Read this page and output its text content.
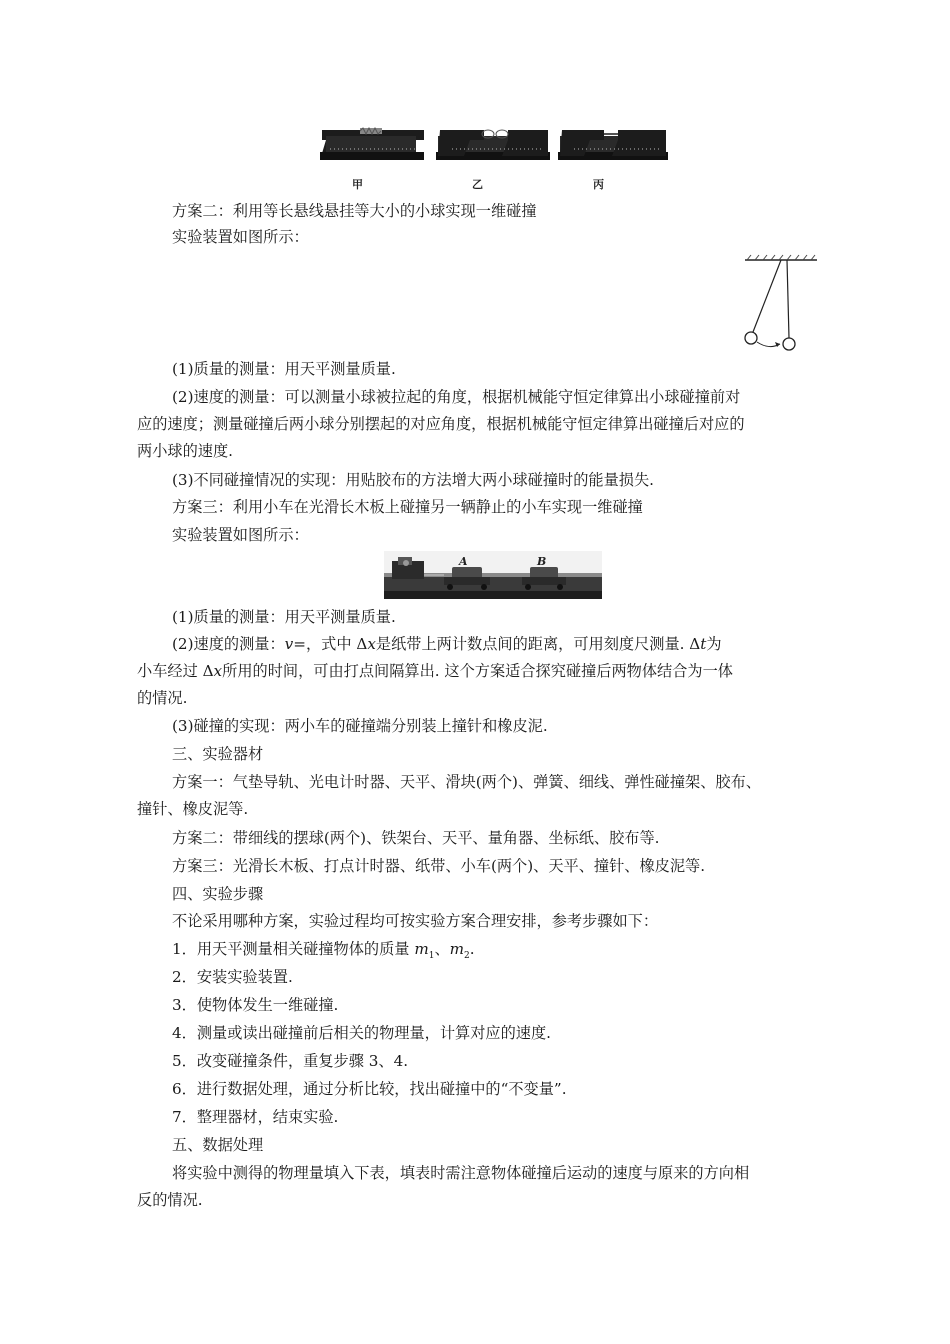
甲	乙	丙
方案二：利用等长悬线悬挂等大小的小球实现一维碰撞
实验装置如图所示：
(1)质量的测量：用天平测量质量.
(2)速度的测量：可以测量小球被拉起的角度，根据机械能守恒定律算出小球碰撞前对
应的速度；测量碰撞后两小球分别摆起的对应角度，根据机械能守恒定律算出碰撞后对应的
两小球的速度.
(3)不同碰撞情况的实现：用贴胶布的方法增大两小球碰撞时的能量损失.
方案三：利用小车在光滑长木板上碰撞另一辆静止的小车实现一维碰撞
实验装置如图所示：
A	B
(1)质量的测量：用天平测量质量.
(2)速度的测量：v=，式中 Δx是纸带上两计数点间的距离，可用刻度尺测量. Δt为
小车经过 Δx所用的时间，可由打点间隔算出. 这个方案适合探究碰撞后两物体结合为一体
的情况.
(3)碰撞的实现：两小车的碰撞端分别装上撞针和橡皮泥.
三、实验器材
方案一：气垫导轨、光电计时器、天平、滑块(两个)、弹簧、细线、弹性碰撞架、胶布、
撞针、橡皮泥等.
方案二：带细线的摆球(两个)、铁架台、天平、量角器、坐标纸、胶布等.
方案三：光滑长木板、打点计时器、纸带、小车(两个)、天平、撞针、橡皮泥等.
四、实验步骤
不论采用哪种方案，实验过程均可按实验方案合理安排，参考步骤如下：
1．用天平测量相关碰撞物体的质量 $m_1$、$m_2$.
2．安装实验装置.
3．使物体发生一维碰撞.
4．测量或读出碰撞前后相关的物理量，计算对应的速度.
5．改变碰撞条件，重复步骤 3、4.
6．进行数据处理，通过分析比较，找出碰撞中的“不变量”.
7．整理器材，结束实验.
五、数据处理
将实验中测得的物理量填入下表，填表时需注意物体碰撞后运动的速度与原来的方向相
反的情况.
